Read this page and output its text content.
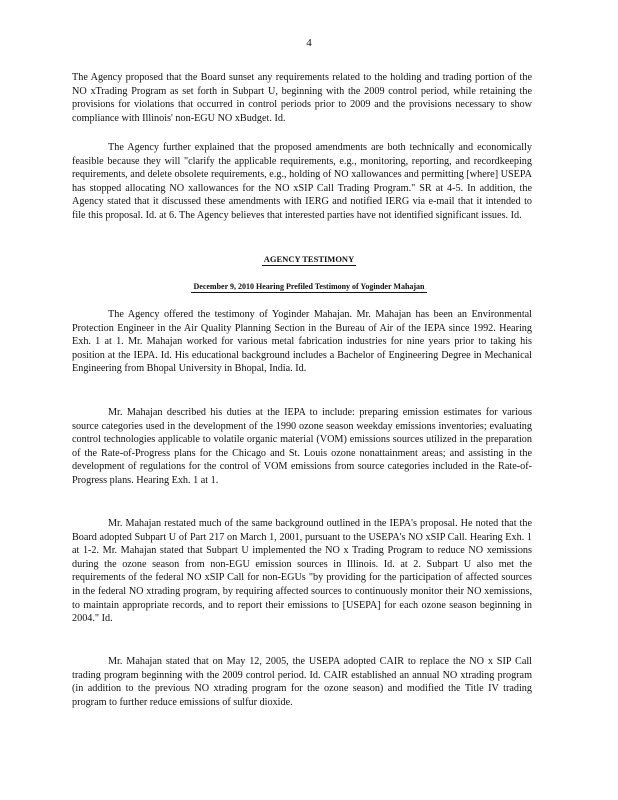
4

The Agency proposed that the Board sunset any requirements related to the holding and trading portion of the NO xTrading Program as set forth in Subpart U, beginning with the 2009 control period, while retaining the provisions for violations that occurred in control periods prior to 2009 and the provisions necessary to show compliance with Illinois' non-EGU NO xBudget. Id.

The Agency further explained that the proposed amendments are both technically and economically feasible because they will "clarify the applicable requirements, e.g., monitoring, reporting, and recordkeeping requirements, and delete obsolete requirements, e.g., holding of NO xallowances and permitting [where] USEPA has stopped allocating NO xallowances for the NO xSIP Call Trading Program." SR at 4-5. In addition, the Agency stated that it discussed these amendments with IERG and notified IERG via e-mail that it intended to file this proposal. Id. at 6. The Agency believes that interested parties have not identified significant issues. Id.

AGENCY TESTIMONY
December 9, 2010 Hearing Prefiled Testimony of Yoginder Mahajan

The Agency offered the testimony of Yoginder Mahajan. Mr. Mahajan has been an Environmental Protection Engineer in the Air Quality Planning Section in the Bureau of Air of the IEPA since 1992. Hearing Exh. 1 at 1. Mr. Mahajan worked for various metal fabrication industries for nine years prior to taking his position at the IEPA. Id. His educational background includes a Bachelor of Engineering Degree in Mechanical Engineering from Bhopal University in Bhopal, India. Id.

Mr. Mahajan described his duties at the IEPA to include: preparing emission estimates for various source categories used in the development of the 1990 ozone season weekday emissions inventories; evaluating control technologies applicable to volatile organic material (VOM) emissions sources utilized in the preparation of the Rate-of-Progress plans for the Chicago and St. Louis ozone nonattainment areas; and assisting in the development of regulations for the control of VOM emissions from source categories included in the Rate-of-Progress plans. Hearing Exh. 1 at 1.

Mr. Mahajan restated much of the same background outlined in the IEPA's proposal. He noted that the Board adopted Subpart U of Part 217 on March 1, 2001, pursuant to the USEPA's NO xSIP Call. Hearing Exh. 1 at 1-2. Mr. Mahajan stated that Subpart U implemented the NO x Trading Program to reduce NO xemissions during the ozone season from non-EGU emission sources in Illinois. Id. at 2. Subpart U also met the requirements of the federal NO xSIP Call for non-EGUs "by providing for the participation of affected sources in the federal NO xtrading program, by requiring affected sources to continuously monitor their NO xemissions, to maintain appropriate records, and to report their emissions to [USEPA] for each ozone season beginning in 2004." Id.

Mr. Mahajan stated that on May 12, 2005, the USEPA adopted CAIR to replace the NO x SIP Call trading program beginning with the 2009 control period. Id. CAIR established an annual NO xtrading program (in addition to the previous NO xtrading program for the ozone season) and modified the Title IV trading program to further reduce emissions of sulfur dioxide.
